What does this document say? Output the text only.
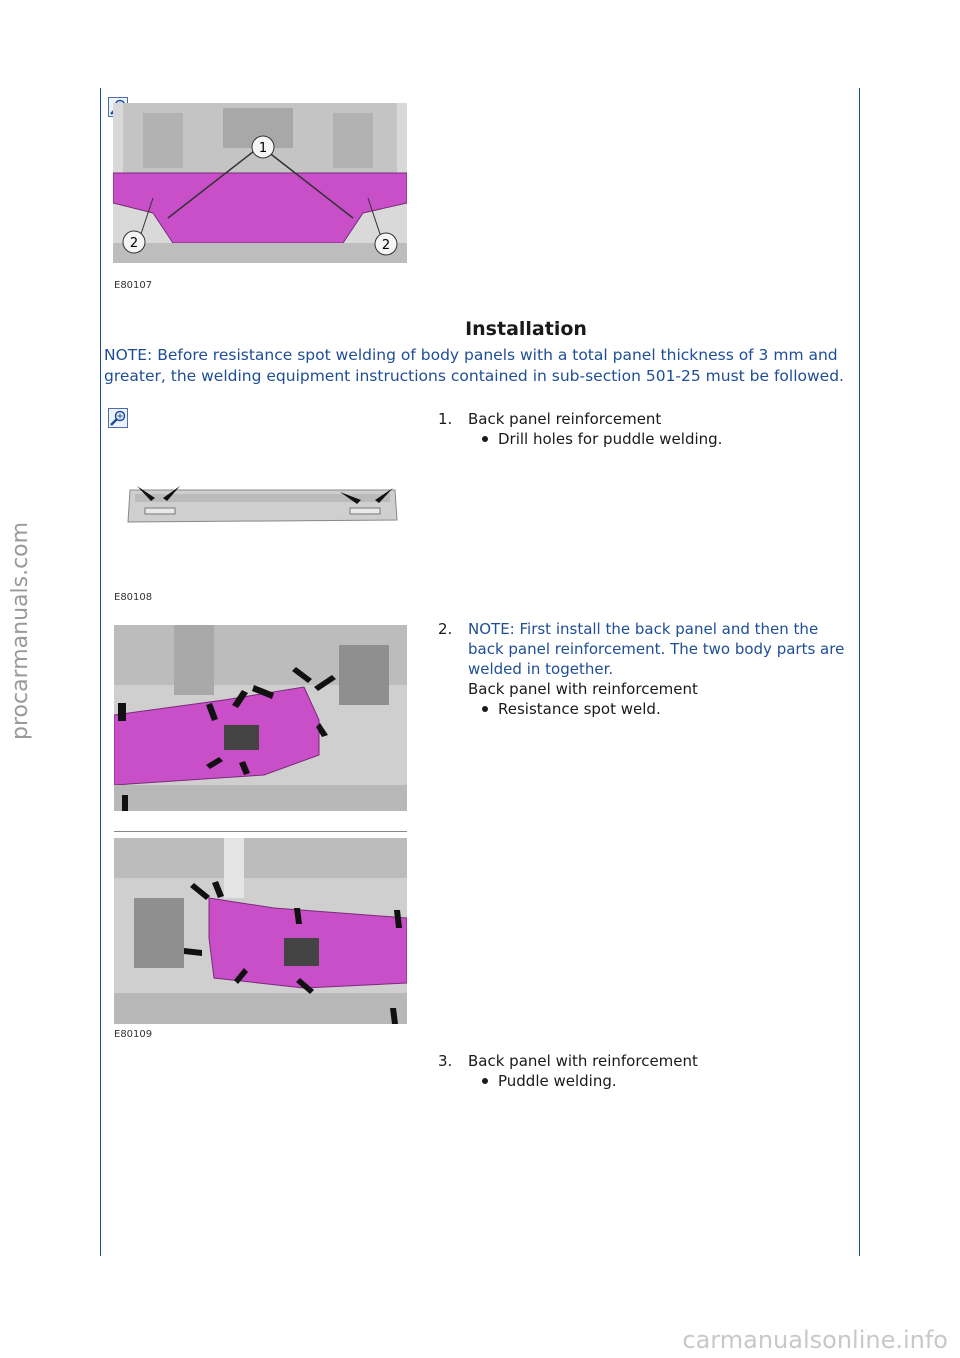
procarmanuals.com
carmanualsonline.info
1
2	2
E80107
Installation
NOTE: Before resistance spot welding of body panels with a total panel thickness of 3 mm and greater, the welding equipment instructions contained in sub-section 501-25 must be followed.
E80108
1. Back panel reinforcement
Drill holes for puddle welding.
E80109
2. NOTE: First install the back panel and then the back panel reinforcement. The two body parts are welded in together.
Back panel with reinforcement
Resistance spot weld.
3. Back panel with reinforcement
Puddle welding.
